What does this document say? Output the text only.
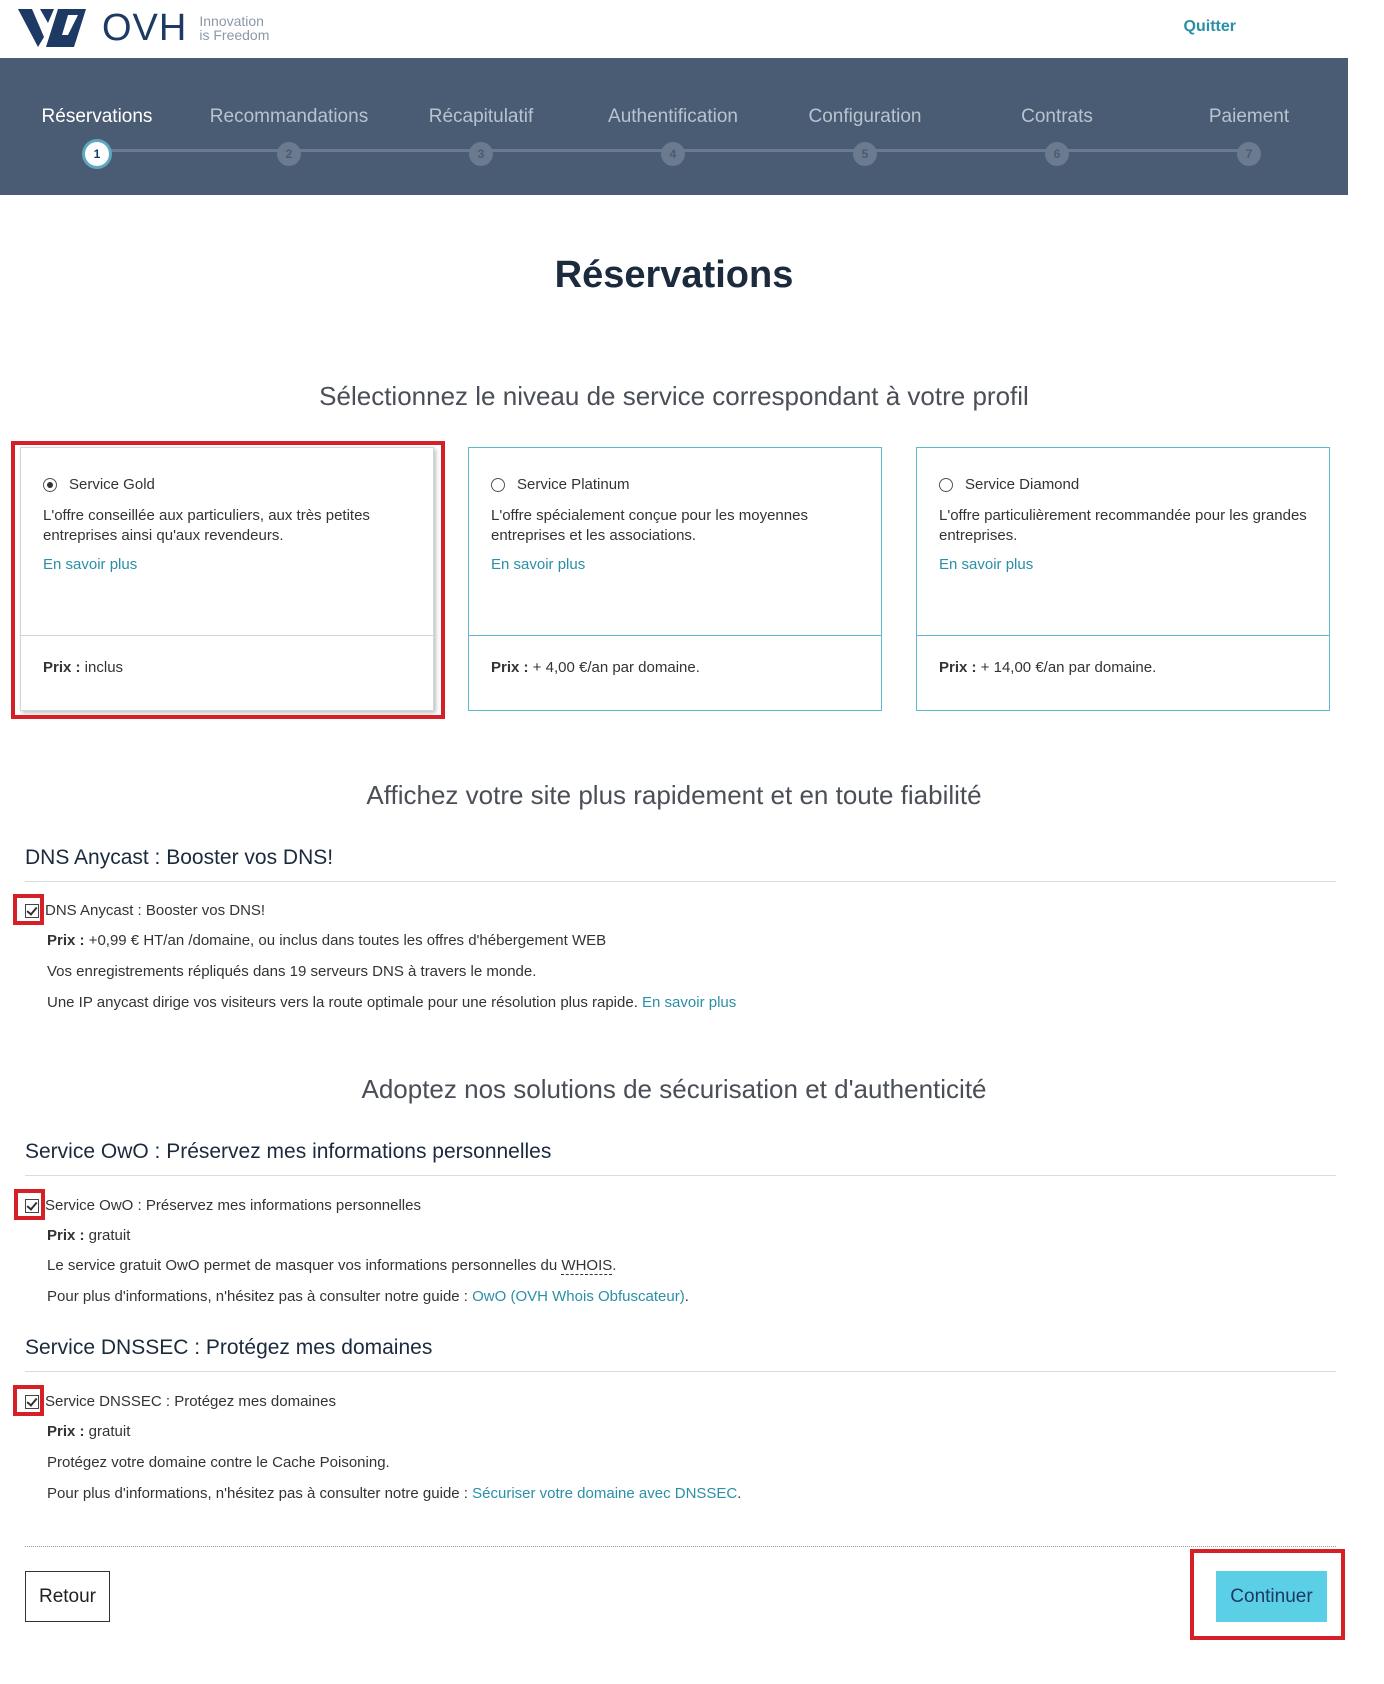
OVH Innovation
is Freedom	Quitter
Réservations
1
Recommandations
2
Récapitulatif
3
Authentification
4
Configuration
5
Contrats
6
Paiement
7
Réservations
Sélectionnez le niveau de service correspondant à votre profil
Service Gold
L'offre conseillée aux particuliers, aux très petites entreprises ainsi qu'aux revendeurs.
En savoir plus
Prix : inclus
Service Platinum
L'offre spécialement conçue pour les moyennes entreprises et les associations.
En savoir plus
Prix : + 4,00 €/an par domaine.
Service Diamond
L'offre particulièrement recommandée pour les grandes entreprises.
En savoir plus
Prix : + 14,00 €/an par domaine.
Affichez votre site plus rapidement et en toute fiabilité
DNS Anycast : Booster vos DNS!
DNS Anycast : Booster vos DNS!
Prix : +0,99 € HT/an /domaine, ou inclus dans toutes les offres d'hébergement WEB
Vos enregistrements répliqués dans 19 serveurs DNS à travers le monde.
Une IP anycast dirige vos visiteurs vers la route optimale pour une résolution plus rapide. En savoir plus
Adoptez nos solutions de sécurisation et d'authenticité
Service OwO : Préservez mes informations personnelles
Service OwO : Préservez mes informations personnelles
Prix : gratuit
Le service gratuit OwO permet de masquer vos informations personnelles du WHOIS.
Pour plus d'informations, n'hésitez pas à consulter notre guide : OwO (OVH Whois Obfuscateur).
Service DNSSEC : Protégez mes domaines
Service DNSSEC : Protégez mes domaines
Prix : gratuit
Protégez votre domaine contre le Cache Poisoning.
Pour plus d'informations, n'hésitez pas à consulter notre guide : Sécuriser votre domaine avec DNSSEC.
Retour	Continuer
